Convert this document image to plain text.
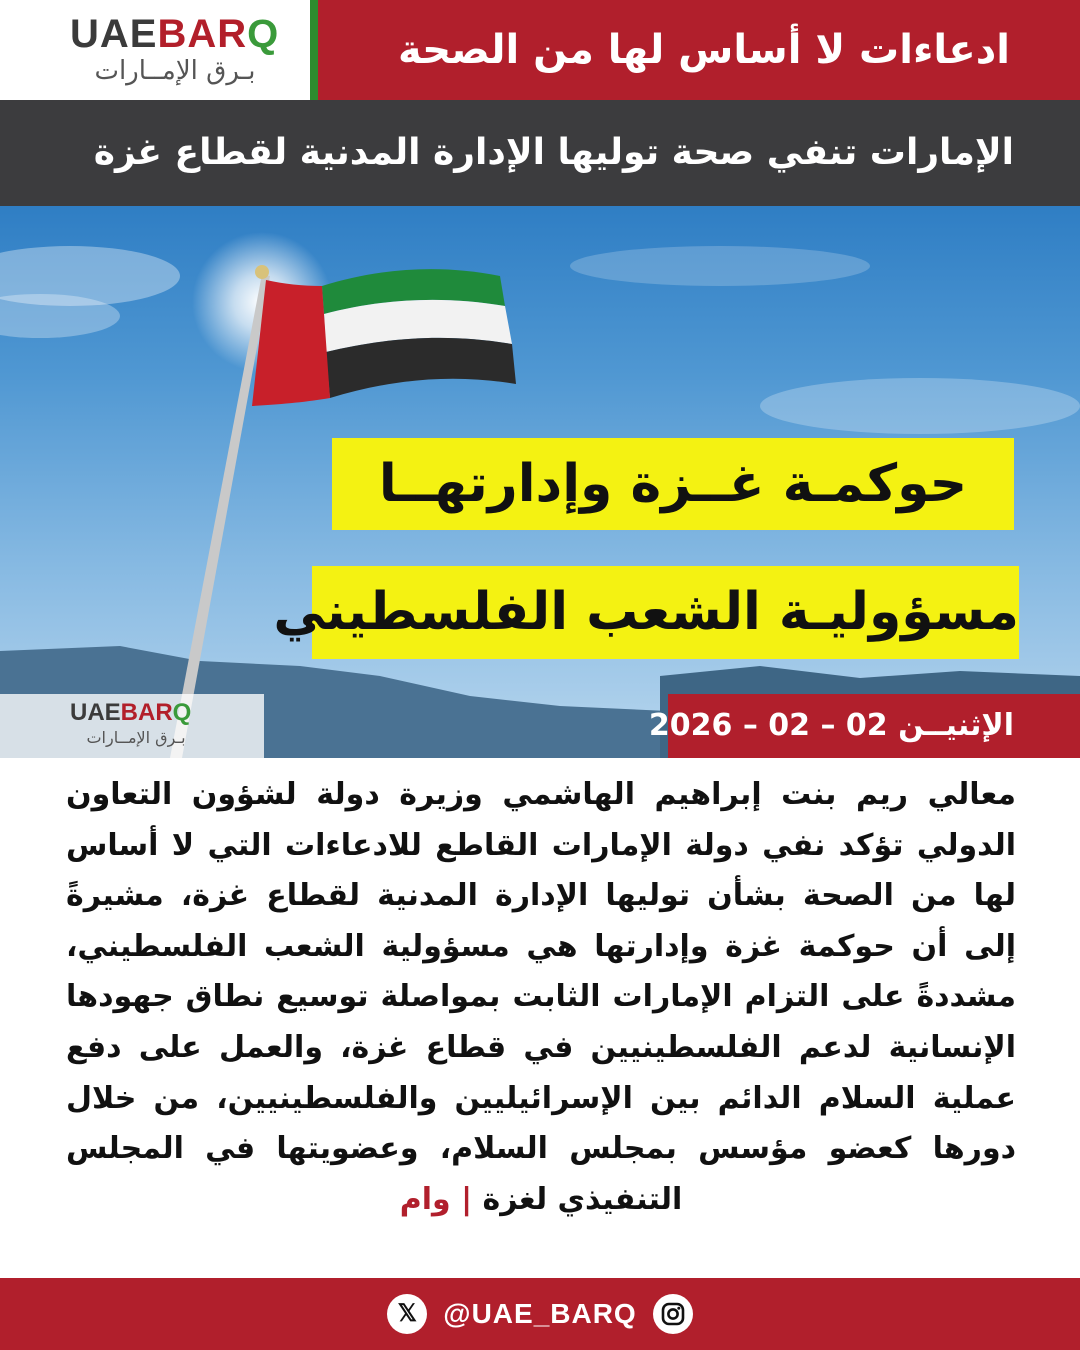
UAEBARQ
بـرق الإمــارات	ادعاءات لا أساس لها من الصحة
الإمارات تنفي صحة توليها الإدارة المدنية لقطاع غزة
حوكمـة غــزة وإدارتهــا
مسؤوليـة الشعب الفلسطيني
UAEBARQ
بـرق الإمــارات	الإثنيــن 02 – 02 – 2026
معالي ريم بنت إبراهيم الهاشمي وزيرة دولة لشؤون التعاون الدولي تؤكد نفي دولة الإمارات القاطع للادعاءات التي لا أساس لها من الصحة بشأن توليها الإدارة المدنية لقطاع غزة، مشيرةً إلى أن حوكمة غزة وإدارتها هي مسؤولية الشعب الفلسطيني، مشددةً على التزام الإمارات الثابت بمواصلة توسيع نطاق جهودها الإنسانية لدعم الفلسطينيين في قطاع غزة، والعمل على دفع عملية السلام الدائم بين الإسرائيليين والفلسطينيين، من خلال دورها كعضو مؤسس بمجلس السلام، وعضويتها في المجلس التنفيذي لغزة | وام
𝕏 @UAE_BARQ
